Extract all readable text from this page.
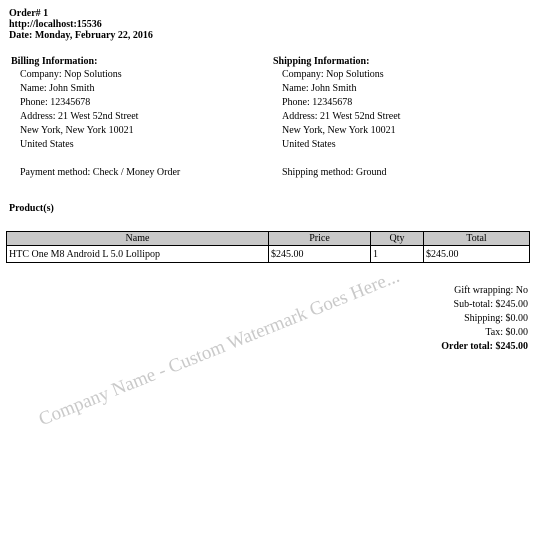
Order# 1
http://localhost:15536
Date: Monday, February 22, 2016
Billing Information:
Company: Nop Solutions
Name: John Smith
Phone: 12345678
Address: 21 West 52nd Street
New York, New York 10021
United States
Payment method: Check / Money Order
Shipping Information:
Company: Nop Solutions
Name: John Smith
Phone: 12345678
Address: 21 West 52nd Street
New York, New York 10021
United States
Shipping method: Ground
Product(s)
Name	Price	Qty	Total
HTC One M8 Android L 5.0 Lollipop	$245.00	1	$245.00
Gift wrapping: No
Sub-total: $245.00
Shipping: $0.00
Tax: $0.00
Order total: $245.00
Company Name - Custom Watermark Goes Here...
